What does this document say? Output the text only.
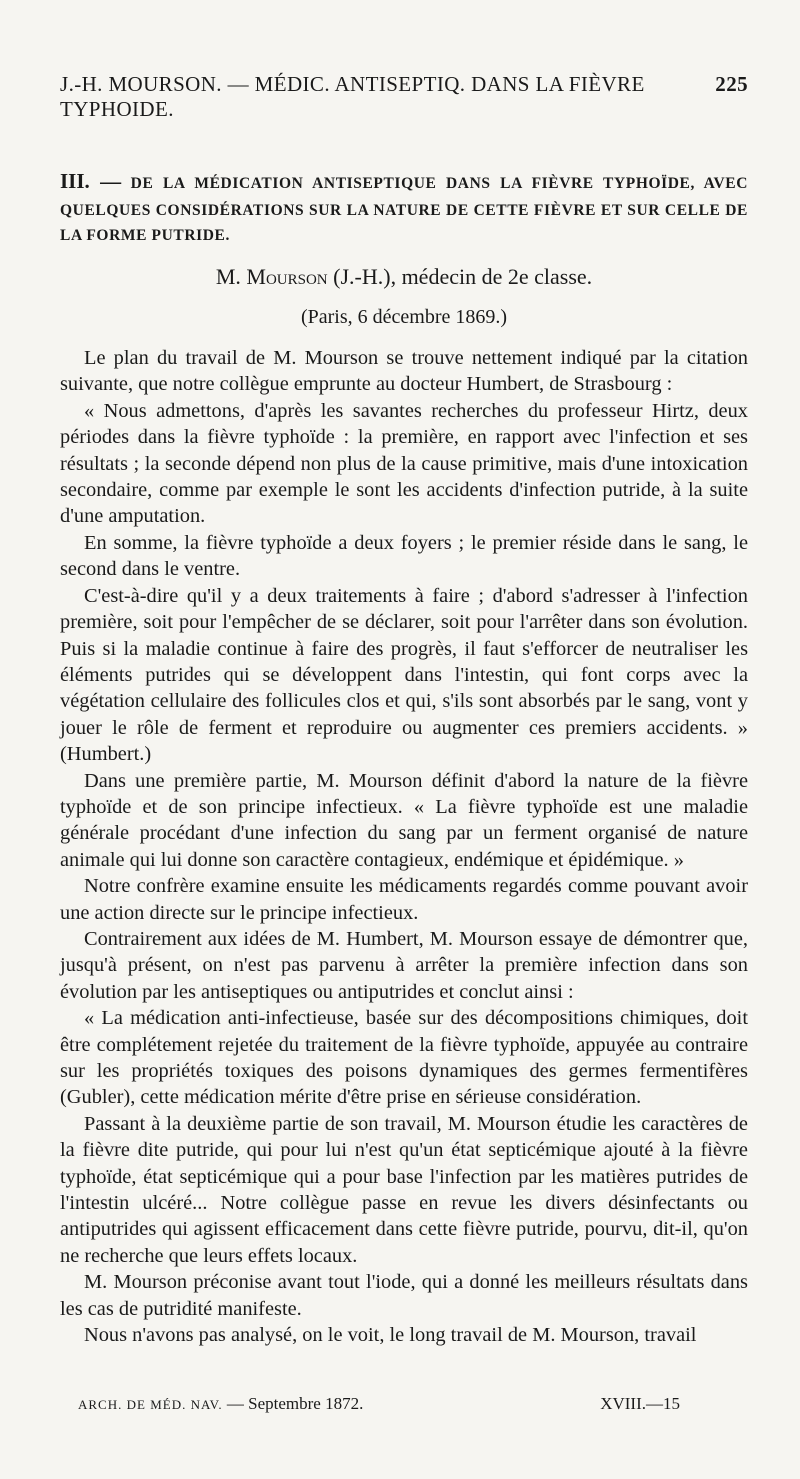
J.-H. MOURSON. — MÉDIC. ANTISEPTIQ. DANS LA FIÈVRE TYPHOIDE.
225
III. — DE LA MÉDICATION ANTISEPTIQUE DANS LA FIÈVRE TYPHOÏDE, AVEC QUELQUES CONSIDÉRATIONS SUR LA NATURE DE CETTE FIÈVRE ET SUR CELLE DE LA FORME PUTRIDE.
M. Mourson (J.-H.), médecin de 2e classe.
(Paris, 6 décembre 1869.)

Le plan du travail de M. Mourson se trouve nettement indiqué par la citation suivante, que notre collègue emprunte au docteur Humbert, de Strasbourg :

« Nous admettons, d'après les savantes recherches du professeur Hirtz, deux périodes dans la fièvre typhoïde : la première, en rapport avec l'infection et ses résultats ; la seconde dépend non plus de la cause primitive, mais d'une intoxication secondaire, comme par exemple le sont les accidents d'infection putride, à la suite d'une amputation.

En somme, la fièvre typhoïde a deux foyers ; le premier réside dans le sang, le second dans le ventre.

C'est-à-dire qu'il y a deux traitements à faire ; d'abord s'adresser à l'infection première, soit pour l'empêcher de se déclarer, soit pour l'arrêter dans son évolution. Puis si la maladie continue à faire des progrès, il faut s'efforcer de neutraliser les éléments putrides qui se développent dans l'intestin, qui font corps avec la végétation cellulaire des follicules clos et qui, s'ils sont absorbés par le sang, vont y jouer le rôle de ferment et reproduire ou augmenter ces premiers accidents. » (Humbert.)

Dans une première partie, M. Mourson définit d'abord la nature de la fièvre typhoïde et de son principe infectieux. « La fièvre typhoïde est une maladie générale procédant d'une infection du sang par un ferment organisé de nature animale qui lui donne son caractère contagieux, endémique et épidémique. »

Notre confrère examine ensuite les médicaments regardés comme pouvant avoir une action directe sur le principe infectieux.

Contrairement aux idées de M. Humbert, M. Mourson essaye de démontrer que, jusqu'à présent, on n'est pas parvenu à arrêter la première infection dans son évolution par les antiseptiques ou antiputrides et conclut ainsi :

« La médication anti-infectieuse, basée sur des décompositions chimiques, doit être complétement rejetée du traitement de la fièvre typhoïde, appuyée au contraire sur les propriétés toxiques des poisons dynamiques des germes fermentifères (Gubler), cette médication mérite d'être prise en sérieuse considération.

Passant à la deuxième partie de son travail, M. Mourson étudie les caractères de la fièvre dite putride, qui pour lui n'est qu'un état septicémique ajouté à la fièvre typhoïde, état septicémique qui a pour base l'infection par les matières putrides de l'intestin ulcéré... Notre collègue passe en revue les divers désinfectants ou antiputrides qui agissent efficacement dans cette fièvre putride, pourvu, dit-il, qu'on ne recherche que leurs effets locaux.

M. Mourson préconise avant tout l'iode, qui a donné les meilleurs résultats dans les cas de putridité manifeste.

Nous n'avons pas analysé, on le voit, le long travail de M. Mourson, travail

ARCH. DE MÉD. NAV. — Septembre 1872.	XVIII.—15
